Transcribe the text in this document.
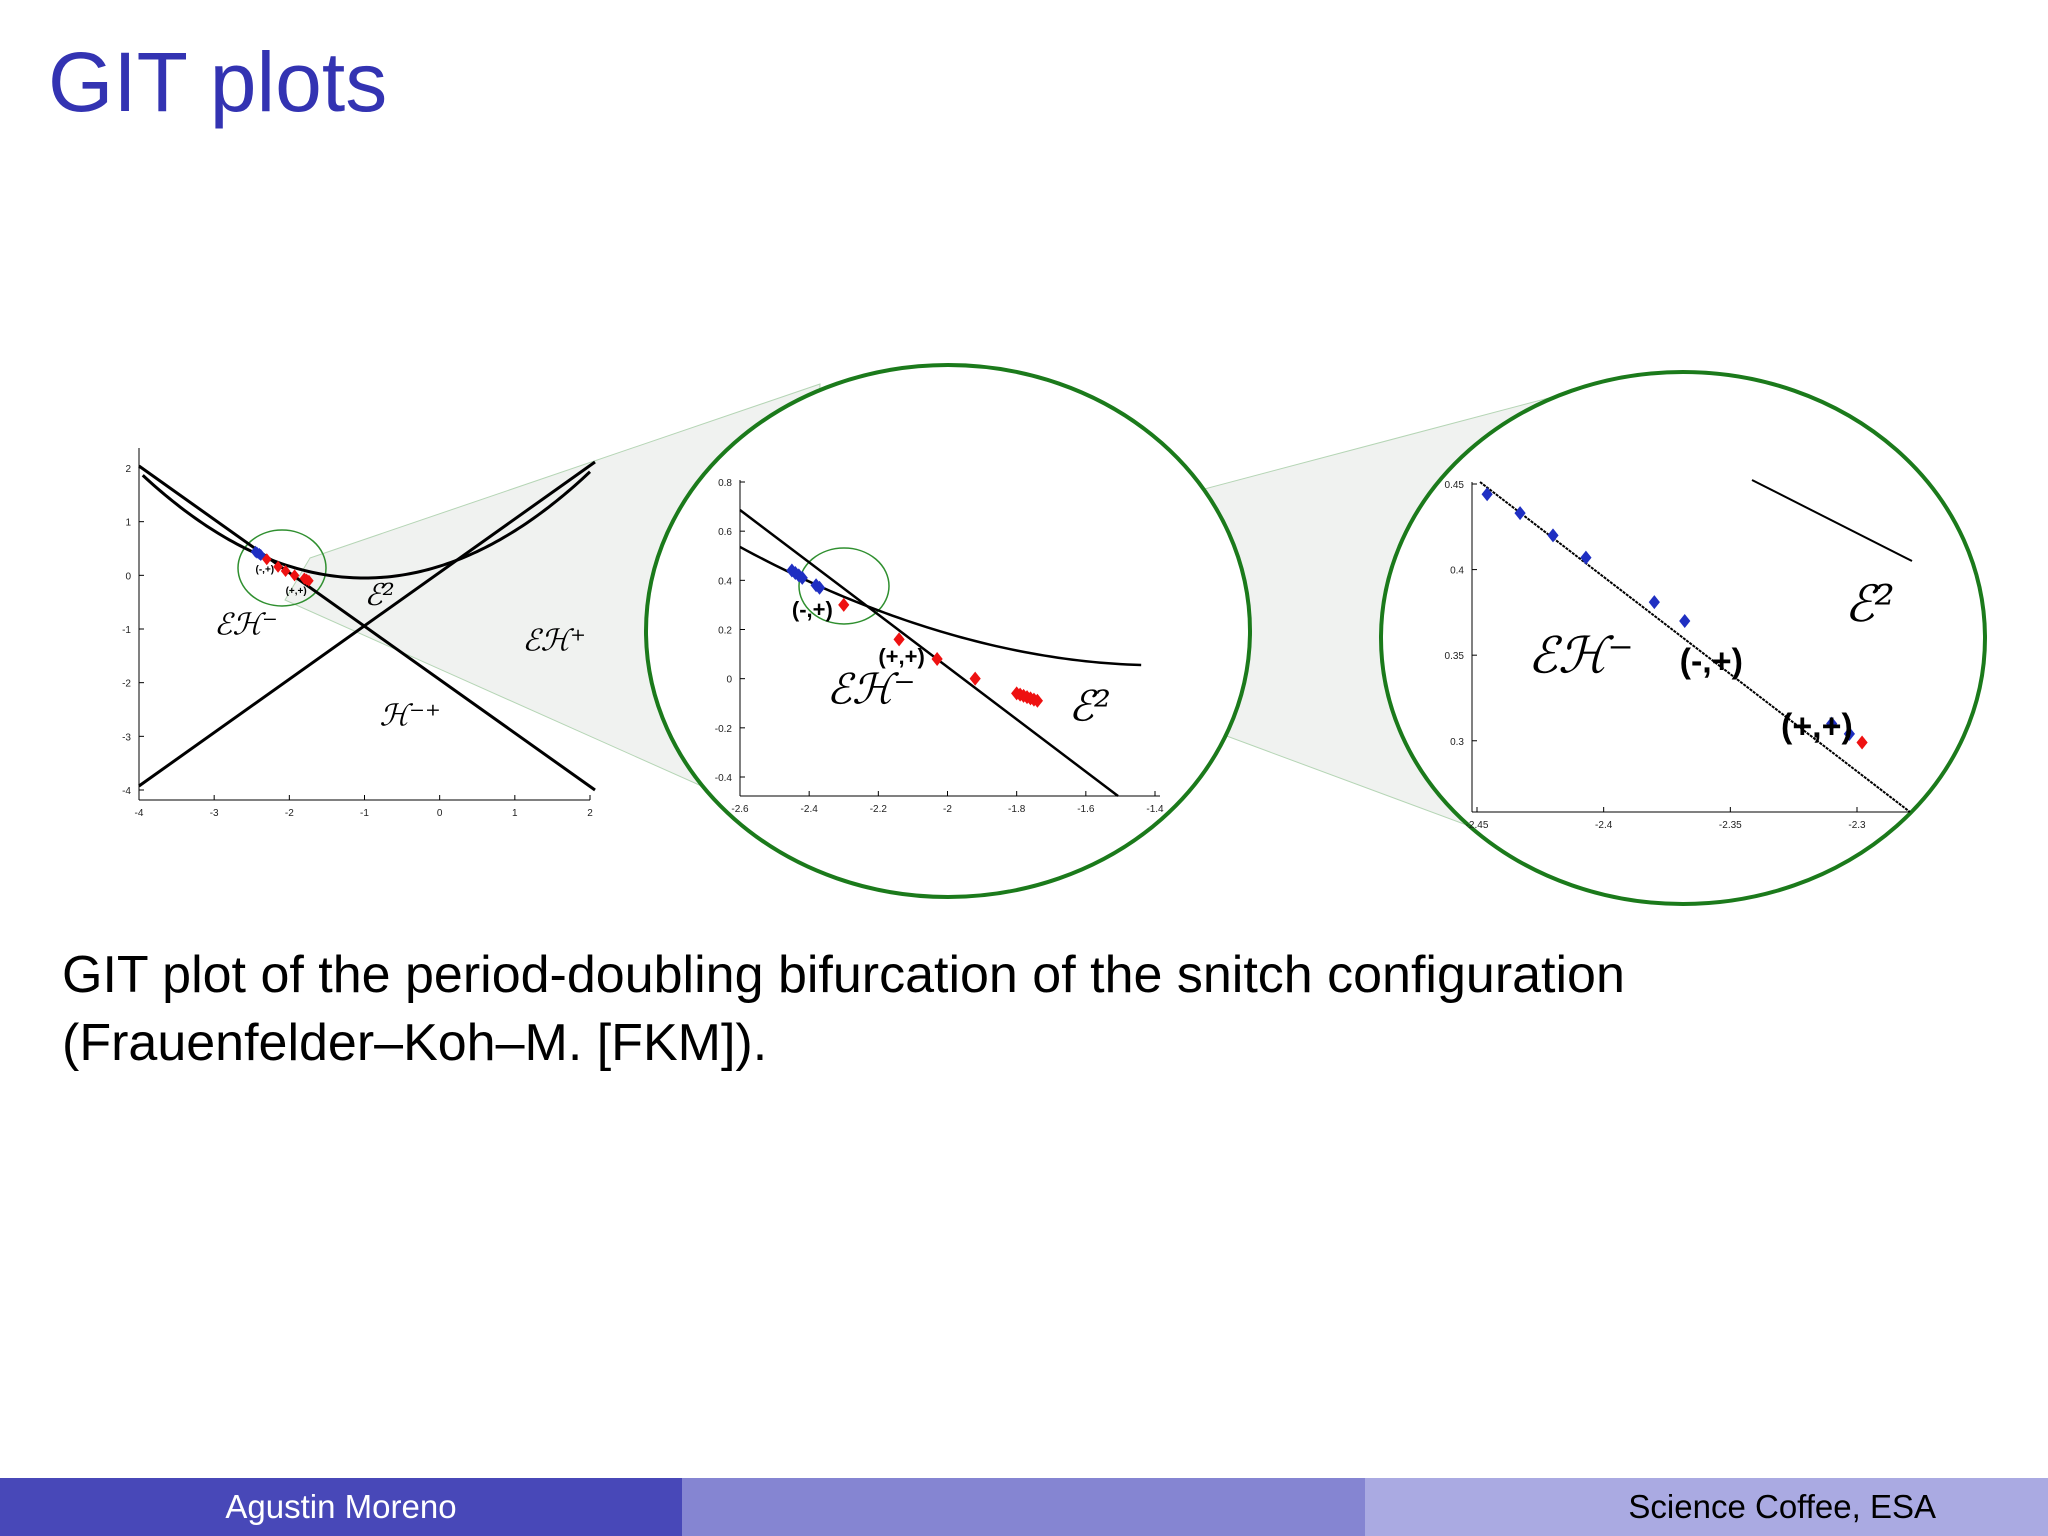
GIT plots
-4	-3	-2	-1	0	1	2
2
1
0
-1
-2
-3
-4
ℰℋ⁻
ℰ²
ℰℋ⁺
ℋ⁻⁺
(-,+)
(+,+)
-2.6	-2.4	-2.2	-2	-1.8	-1.6	-1.4
0.8
0.6
0.4
0.2
0
-0.2
-0.4
ℰℋ⁻	ℰ²
(-,+)
(+,+)
-2.45	-2.4	-2.35	-2.3
0.45
0.4
0.35
0.3
ℰℋ⁻
ℰ²
(-,+)
(+,+)
GIT plot of the period-doubling bifurcation of the snitch configuration
(Frauenfelder–Koh–M. [FKM]).
Agustin Moreno	Science Coffee, ESA
